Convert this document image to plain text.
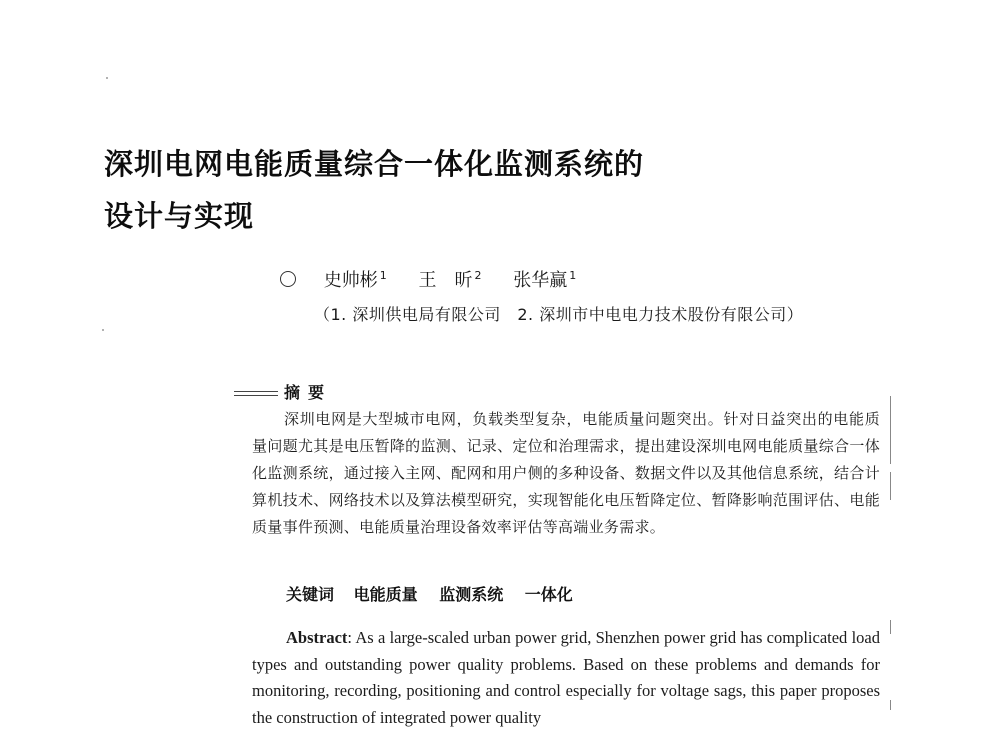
深圳电网电能质量综合一体化监测系统的
设计与实现
史帅彬 $^1$ 王　昕 $^2$ 张华赢 $^1$
（1. 深圳供电局有限公司　2. 深圳市中电电力技术股份有限公司）
摘要

深圳电网是大型城市电网，负载类型复杂，电能质量问题突出。针对日益突出的电能质量问题尤其是电压暂降的监测、记录、定位和治理需求，提出建设深圳电网电能质量综合一体化监测系统，通过接入主网、配网和用户侧的多种设备、数据文件以及其他信息系统，结合计算机技术、网络技术以及算法模型研究，实现智能化电压暂降定位、暂降影响范围评估、电能质量事件预测、电能质量治理设备效率评估等高端业务需求。

关键词 电能质量 监测系统 一体化

Abstract: As a large-scaled urban power grid, Shenzhen power grid has complicated load types and outstanding power quality problems. Based on these problems and demands for monitoring, recording, positioning and control especially for voltage sags, this paper proposes the construction of integrated power quality
